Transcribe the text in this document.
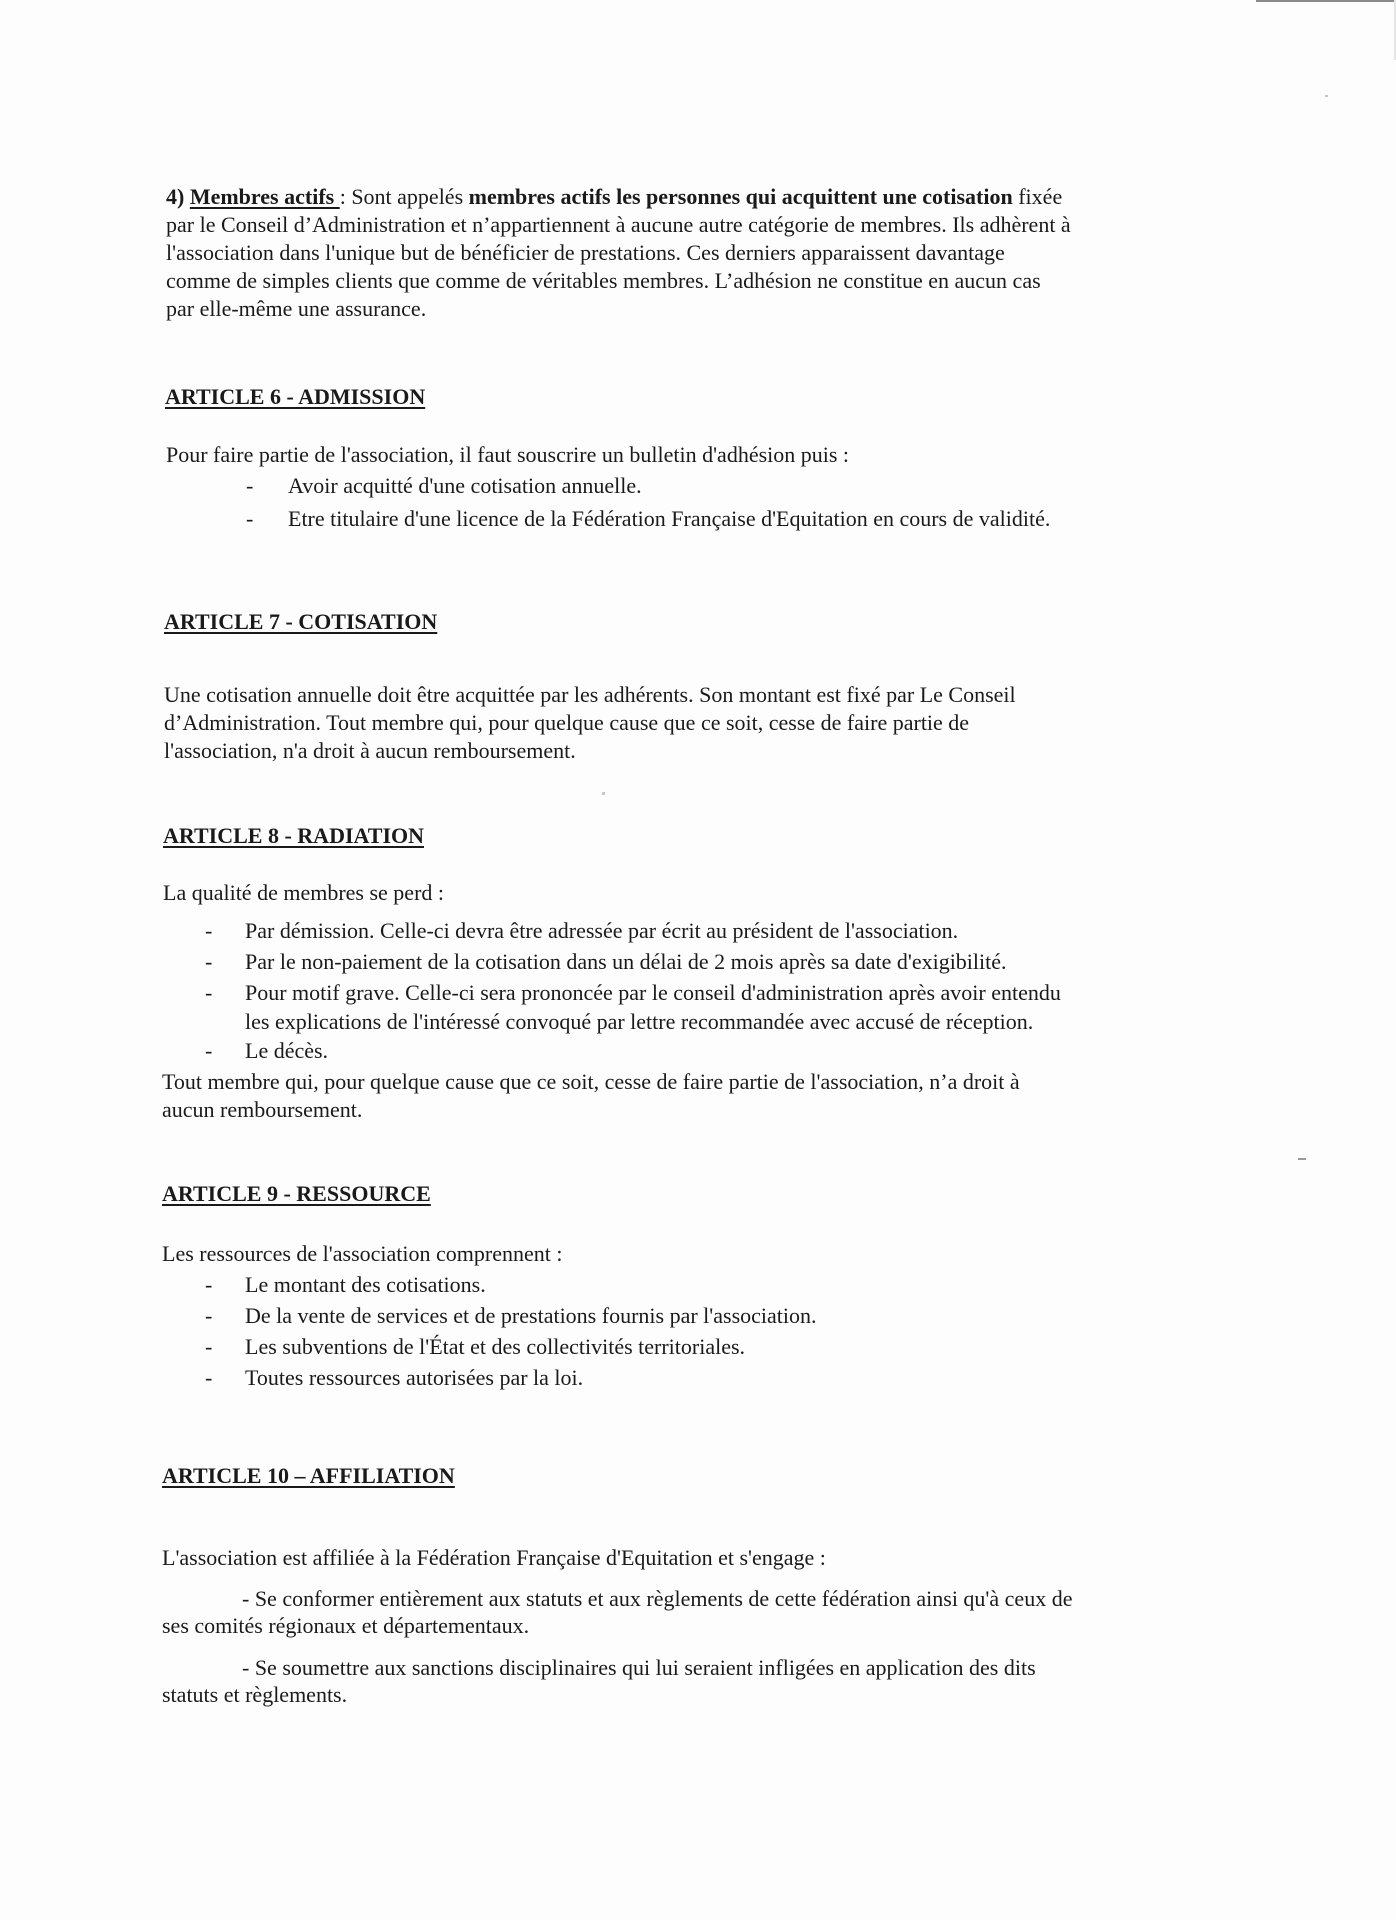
4) Membres actifs : Sont appelés membres actifs les personnes qui acquittent une cotisation fixée
par le Conseil d’Administration et n’appartiennent à aucune autre catégorie de membres. Ils adhèrent à
l'association dans l'unique but de bénéficier de prestations. Ces derniers apparaissent davantage
comme de simples clients que comme de véritables membres. L’adhésion ne constitue en aucun cas
par elle-même une assurance.
ARTICLE 6 - ADMISSION
Pour faire partie de l'association, il faut souscrire un bulletin d'adhésion puis :
- Avoir acquitté d'une cotisation annuelle.
- Etre titulaire d'une licence de la Fédération Française d'Equitation en cours de validité.
ARTICLE 7 - COTISATION
Une cotisation annuelle doit être acquittée par les adhérents. Son montant est fixé par Le Conseil
d’Administration. Tout membre qui, pour quelque cause que ce soit, cesse de faire partie de
l'association, n'a droit à aucun remboursement.
ARTICLE 8 - RADIATION
La qualité de membres se perd :
- Par démission. Celle-ci devra être adressée par écrit au président de l'association.
- Par le non-paiement de la cotisation dans un délai de 2 mois après sa date d'exigibilité.
- Pour motif grave. Celle-ci sera prononcée par le conseil d'administration après avoir entendu
les explications de l'intéressé convoqué par lettre recommandée avec accusé de réception.
- Le décès.
Tout membre qui, pour quelque cause que ce soit, cesse de faire partie de l'association, n’a droit à
aucun remboursement.
ARTICLE 9 - RESSOURCE
Les ressources de l'association comprennent :
- Le montant des cotisations.
- De la vente de services et de prestations fournis par l'association.
- Les subventions de l'État et des collectivités territoriales.
- Toutes ressources autorisées par la loi.
ARTICLE 10 – AFFILIATION
L'association est affiliée à la Fédération Française d'Equitation et s'engage :
- Se conformer entièrement aux statuts et aux règlements de cette fédération ainsi qu'à ceux de
ses comités régionaux et départementaux.
- Se soumettre aux sanctions disciplinaires qui lui seraient infligées en application des dits
statuts et règlements.
